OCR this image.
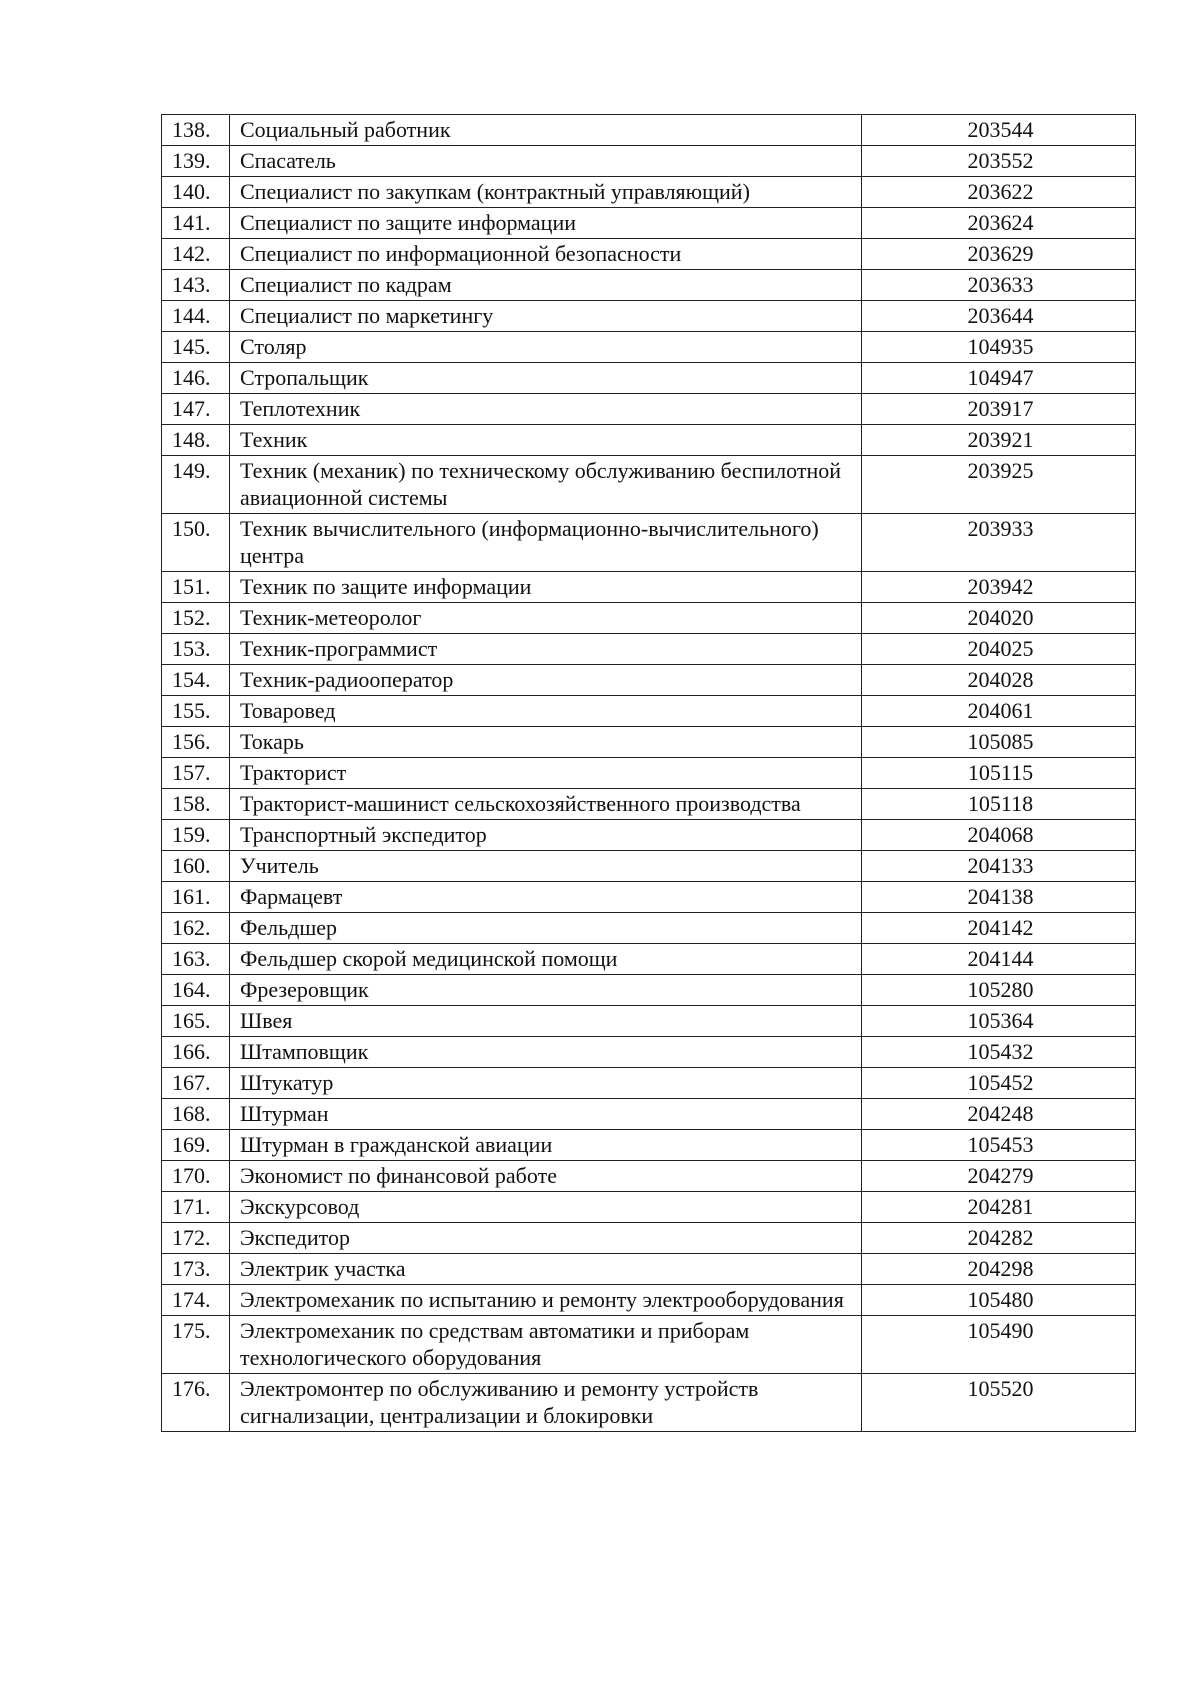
138.	Социальный работник	203544
139.	Спасатель	203552
140.	Специалист по закупкам (контрактный управляющий)	203622
141.	Специалист по защите информации	203624
142.	Специалист по информационной безопасности	203629
143.	Специалист по кадрам	203633
144.	Специалист по маркетингу	203644
145.	Столяр	104935
146.	Стропальщик	104947
147.	Теплотехник	203917
148.	Техник	203921
149.	Техник (механик) по техническому обслуживанию беспилотной авиационной системы	203925
150.	Техник вычислительного (информационно-вычислительного) центра	203933
151.	Техник по защите информации	203942
152.	Техник-метеоролог	204020
153.	Техник-программист	204025
154.	Техник-радиооператор	204028
155.	Товаровед	204061
156.	Токарь	105085
157.	Тракторист	105115
158.	Тракторист-машинист сельскохозяйственного производства	105118
159.	Транспортный экспедитор	204068
160.	Учитель	204133
161.	Фармацевт	204138
162.	Фельдшер	204142
163.	Фельдшер скорой медицинской помощи	204144
164.	Фрезеровщик	105280
165.	Швея	105364
166.	Штамповщик	105432
167.	Штукатур	105452
168.	Штурман	204248
169.	Штурман в гражданской авиации	105453
170.	Экономист по финансовой работе	204279
171.	Экскурсовод	204281
172.	Экспедитор	204282
173.	Электрик участка	204298
174.	Электромеханик по испытанию и ремонту электрооборудования	105480
175.	Электромеханик по средствам автоматики и приборам технологического оборудования	105490
176.	Электромонтер по обслуживанию и ремонту устройств сигнализации, централизации и блокировки	105520
